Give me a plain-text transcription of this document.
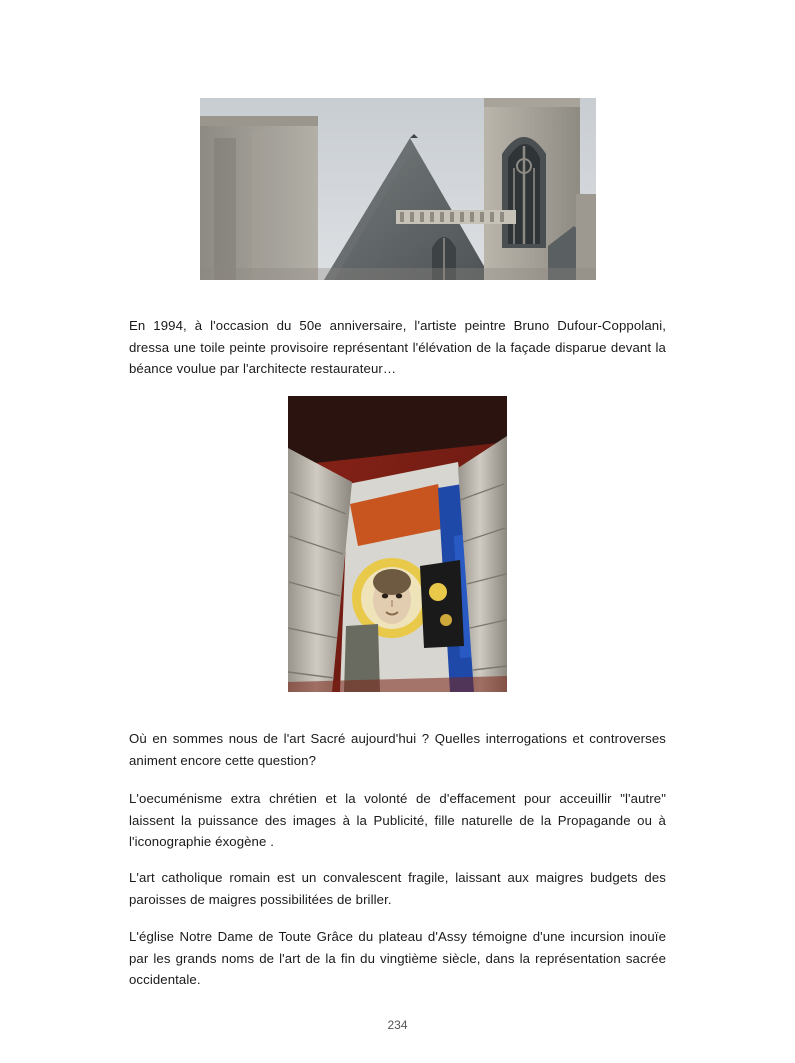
En 1994, à l'occasion du 50e anniversaire, l'artiste peintre Bruno Dufour-Coppolani, dressa une toile peinte provisoire représentant l'élévation de la façade disparue devant la béance voulue par l'architecte restaurateur…

Où en sommes nous de l'art Sacré aujourd'hui ? Quelles interrogations et controverses animent encore cette question?

L'oecuménisme extra chrétien et la volonté de d'effacement pour acceuillir "l'autre" laissent la puissance des images à la Publicité, fille naturelle de la Propagande ou à l'iconographie éxogène .

L'art catholique romain est un convalescent fragile, laissant aux maigres budgets des paroisses de maigres possibilitées de briller.

L'église Notre Dame de Toute Grâce du plateau d'Assy témoigne d'une incursion inouïe par les grands noms de l'art de la fin du vingtième siècle, dans la représentation sacrée occidentale.

234
